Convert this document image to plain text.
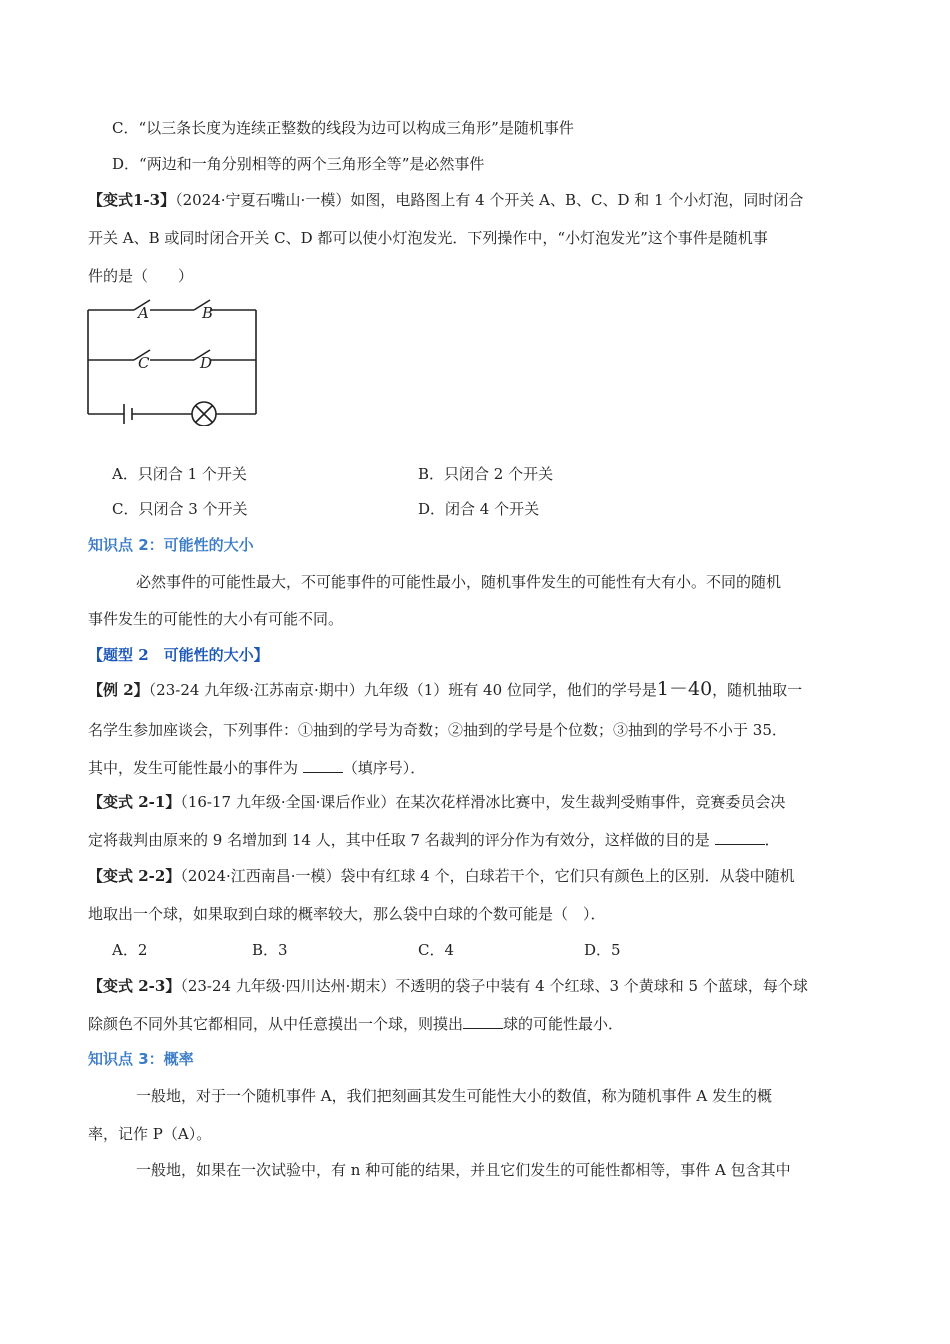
C．“以三条长度为连续正整数的线段为边可以构成三角形”是随机事件
D．“两边和一角分别相等的两个三角形全等”是必然事件
【变式1-3】（2024·宁夏石嘴山·一模）如图，电路图上有 4 个开关 A、B、C、D 和 1 个小灯泡，同时闭合
开关 A、B 或同时闭合开关 C、D 都可以使小灯泡发光．下列操作中，“小灯泡发光”这个事件是随机事
件的是（　　）
A	B
C	D
A．只闭合 1 个开关	B．只闭合 2 个开关
C．只闭合 3 个开关	D．闭合 4 个开关
知识点 2：可能性的大小
必然事件的可能性最大，不可能事件的可能性最小，随机事件发生的可能性有大有小。不同的随机
事件发生的可能性的大小有可能不同。
【题型 2　可能性的大小】
【例 2】（23-24 九年级·江苏南京·期中）九年级（1）班有 40 位同学，他们的学号是1－40，随机抽取一
名学生参加座谈会，下列事件：①抽到的学号为奇数；②抽到的学号是个位数；③抽到的学号不小于 35．
其中，发生可能性最小的事件为	（填序号）．
【变式 2-1】（16-17 九年级·全国·课后作业）在某次花样滑冰比赛中，发生裁判受贿事件，竞赛委员会决
定将裁判由原来的 9 名增加到 14 人，其中任取 7 名裁判的评分作为有效分，这样做的目的是	．
【变式 2-2】（2024·江西南昌·一模）袋中有红球 4 个，白球若干个，它们只有颜色上的区别．从袋中随机
地取出一个球，如果取到白球的概率较大，那么袋中白球的个数可能是（　）．
A．2	B．3	C．4	D．5
【变式 2-3】（23-24 九年级·四川达州·期末）不透明的袋子中装有 4 个红球、3 个黄球和 5 个蓝球，每个球
除颜色不同外其它都相同，从中任意摸出一个球，则摸出	球的可能性最小．
知识点 3：概率
一般地，对于一个随机事件 A，我们把刻画其发生可能性大小的数值，称为随机事件 A 发生的概
率，记作 P（A）。
一般地，如果在一次试验中，有 n 种可能的结果，并且它们发生的可能性都相等，事件 A 包含其中
